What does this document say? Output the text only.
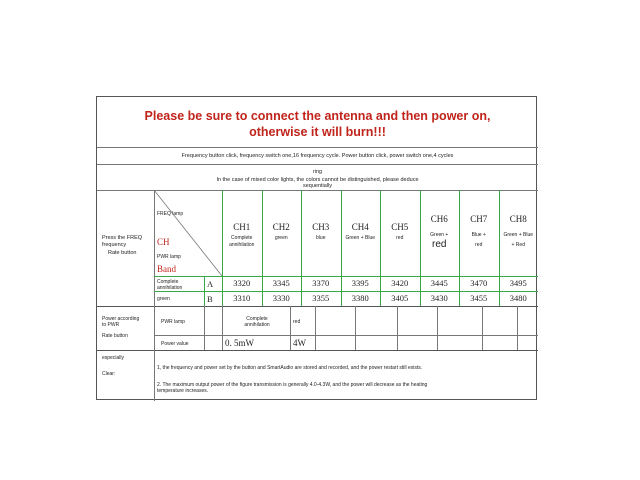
Please be sure to connect the antenna and then power on,
otherwise it will burn!!!
Frequency button click, frequency switch one,16 frequency cycle. Power button click, power switch one,4 cycles
ring
In the case of mixed color lights, the colors cannot be distinguished, please deduce
sequentially
Press the FREQ
frequency
Rate button
FREQ lamp
CH
PWR lamp
Band
Complete annihilation
green
A
B
Power according
to PWR
Rate button
PWR lamp
Power value
Complete
annihilation	red
0. 5mW	4W
especially
Clear:
1, the frequency and power set by the button and SmartAudio are stored and recorded, and the power restart still exists.
2. The maximum output power of the figure transmission is generally 4.0-4.3W, and the power will decrease as the heating
temperature increases.
CH1
Complete
annihilation
3320
3310
CH2
green
3345
3330
CH3
blue
3370
3355
CH4
Green + Blue
3395
3380
CH5
red
3420
3405
CH6
Green +
red
3445
3430
CH7
Blue +
red
3470
3455
CH8
Green + Blue
+ Red
3495
3480
